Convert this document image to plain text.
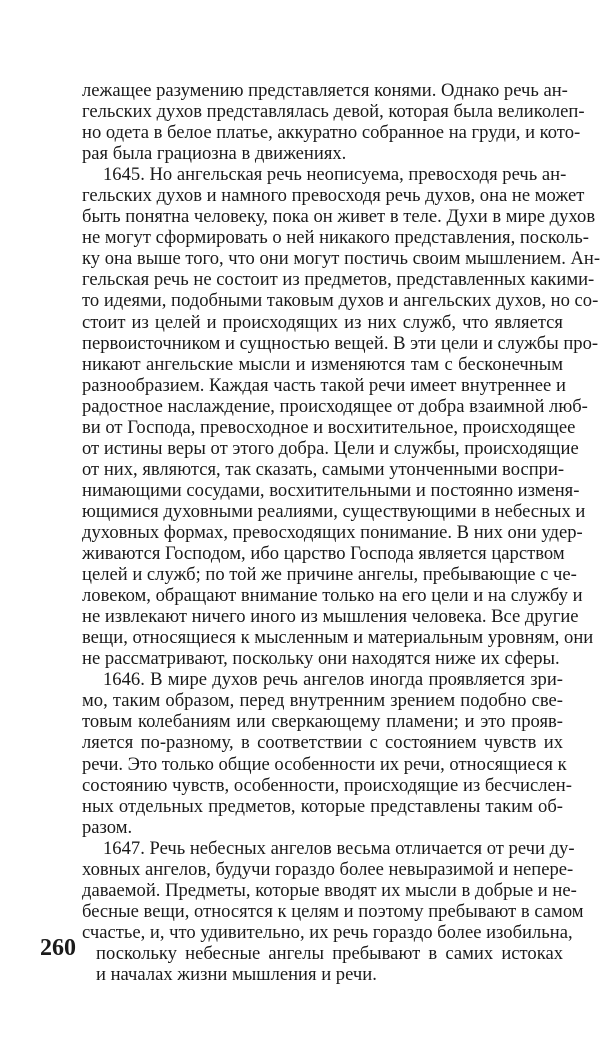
лежащее разумению представляется конями. Однако речь ан-
гельских духов представлялась девой, которая была великолеп-
но одета в белое платье, аккуратно собранное на груди, и кото-
рая была грациозна в движениях.
1645. Но ангельская речь неописуема, превосходя речь ан-
гельских духов и намного превосходя речь духов, она не может
быть понятна человеку, пока он живет в теле. Духи в мире духов
не могут сформировать о ней никакого представления, посколь-
ку она выше того, что они могут постичь своим мышлением. Ан-
гельская речь не состоит из предметов, представленных какими-
то идеями, подобными таковым духов и ангельских духов, но со-
стоит из целей и происходящих из них служб, что является
первоисточником и сущностью вещей. В эти цели и службы про-
никают ангельские мысли и изменяются там с бесконечным
разнообразием. Каждая часть такой речи имеет внутреннее и
радостное наслаждение, происходящее от добра взаимной люб-
ви от Господа, превосходное и восхитительное, происходящее
от истины веры от этого добра. Цели и службы, происходящие
от них, являются, так сказать, самыми утонченными воспри-
нимающими сосудами, восхитительными и постоянно изменя-
ющимися духовными реалиями, существующими в небесных и
духовных формах, превосходящих понимание. В них они удер-
живаются Господом, ибо царство Господа является царством
целей и служб; по той же причине ангелы, пребывающие с че-
ловеком, обращают внимание только на его цели и на службу и
не извлекают ничего иного из мышления человека. Все другие
вещи, относящиеся к мысленным и материальным уровням, они
не рассматривают, поскольку они находятся ниже их сферы.
1646. В мире духов речь ангелов иногда проявляется зри-
мо, таким образом, перед внутренним зрением подобно све-
товым колебаниям или сверкающему пламени; и это прояв-
ляется по-разному, в соответствии с состоянием чувств их
речи. Это только общие особенности их речи, относящиеся к
состоянию чувств, особенности, происходящие из бесчислен-
ных отдельных предметов, которые представлены таким об-
разом.
1647. Речь небесных ангелов весьма отличается от речи ду-
ховных ангелов, будучи гораздо более невыразимой и непере-
даваемой. Предметы, которые вводят их мысли в добрые и не-
бесные вещи, относятся к целям и поэтому пребывают в самом
счастье, и, что удивительно, их речь гораздо более изобильна,
поскольку небесные ангелы пребывают в самих истоках
и началах жизни мышления и речи.
260
